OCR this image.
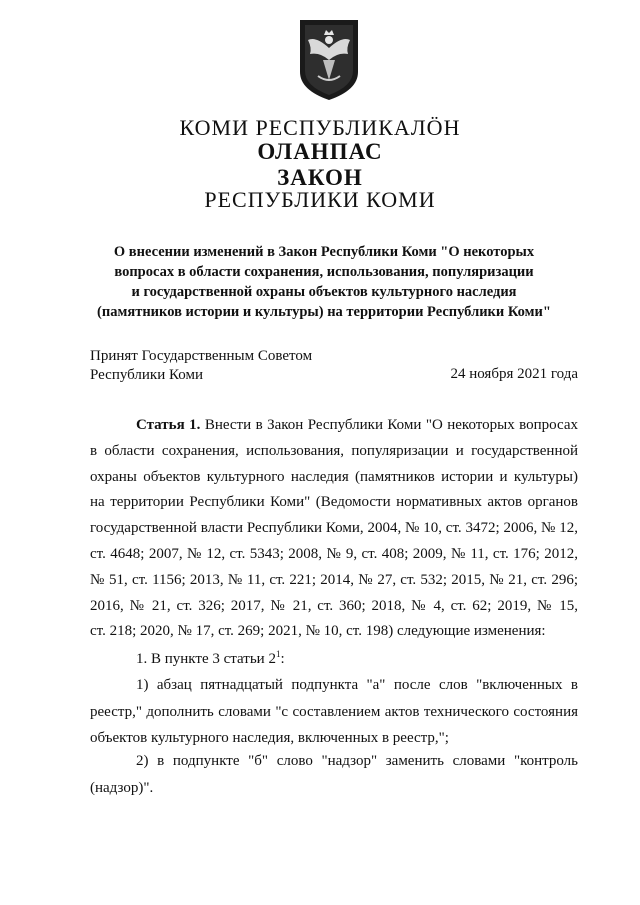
КОМИ РЕСПУБЛИКАЛÖН
ОЛАНПАС
ЗАКОН
РЕСПУБЛИКИ КОМИ
О внесении изменений в Закон Республики Коми "О некоторых
вопросах в области сохранения, использования, популяризации
и государственной охраны объектов культурного наследия
(памятников истории и культуры) на территории Республики Коми"
Принят Государственным Советом
Республики Коми	24 ноября 2021 года
Статья 1. Внести в Закон Республики Коми "О некоторых вопросах
в области сохранения, использования, популяризации и государственной
охраны объектов культурного наследия (памятников истории и культуры)
на территории Республики Коми" (Ведомости нормативных актов органов
государственной власти Республики Коми, 2004, № 10, ст. 3472; 2006, № 12,
ст. 4648; 2007, № 12, ст. 5343; 2008, № 9, ст. 408; 2009, № 11, ст. 176; 2012,
№ 51, ст. 1156; 2013, № 11, ст. 221; 2014, № 27, ст. 532; 2015, № 21, ст. 296;
2016, № 21, ст. 326; 2017, № 21, ст. 360; 2018, № 4, ст. 62; 2019, № 15,
ст. 218; 2020, № 17, ст. 269; 2021, № 10, ст. 198) следующие изменения:
1. В пункте 3 статьи $2^1$:
1) абзац пятнадцатый подпункта "а" после слов "включенных в
реестр," дополнить словами "с составлением актов технического состояния
объектов культурного наследия, включенных в реестр,";
2) в подпункте "б" слово "надзор" заменить словами "контроль
(надзор)".
